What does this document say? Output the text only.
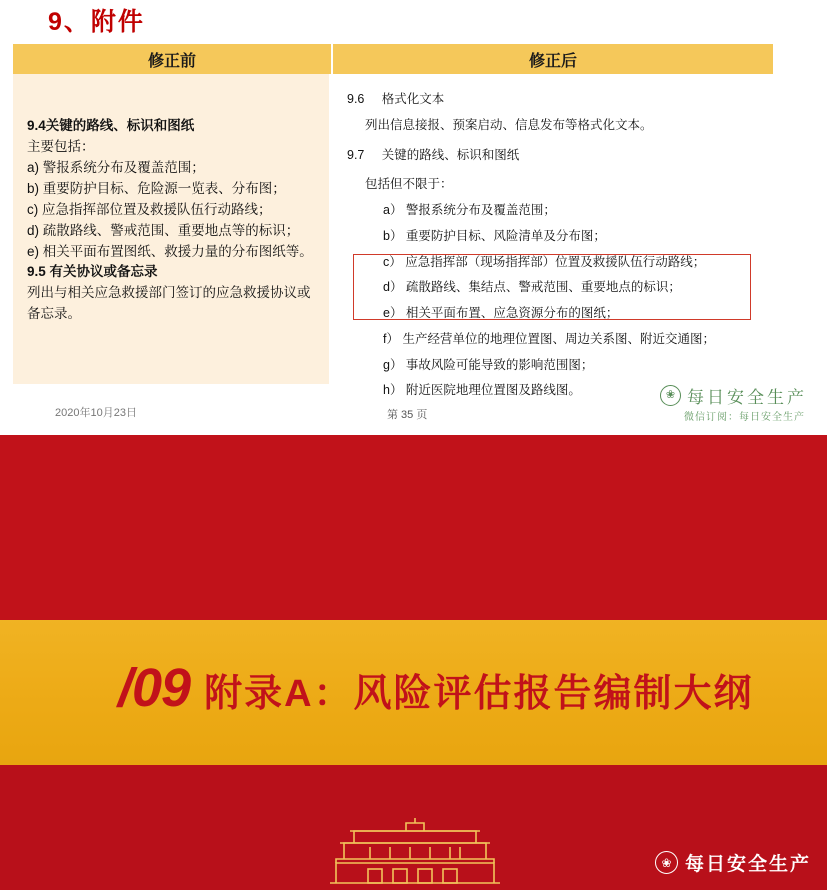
9、附件
修正前	修正后
9.4关键的路线、标识和图纸
主要包括：
a) 警报系统分布及覆盖范围；
b) 重要防护目标、危险源一览表、分布图；
c) 应急指挥部位置及救援队伍行动路线；
d) 疏散路线、警戒范围、重要地点等的标识；
e) 相关平面布置图纸、救援力量的分布图纸等。
9.5 有关协议或备忘录
列出与相关应急救援部门签订的应急救援协议或备忘录。
9.6 格式化文本
列出信息接报、预案启动、信息发布等格式化文本。
9.7 关键的路线、标识和图纸
包括但不限于：
a） 警报系统分布及覆盖范围；
b） 重要防护目标、风险清单及分布图；
c） 应急指挥部（现场指挥部）位置及救援队伍行动路线；
d） 疏散路线、集结点、警戒范围、重要地点的标识；
e） 相关平面布置、应急资源分布的图纸；
f） 生产经营单位的地理位置图、周边关系图、附近交通图；
g） 事故风险可能导致的影响范围图；
h） 附近医院地理位置图及路线图。
2020年10月23日	第 35 页
❀ 每日安全生产
微信订阅：每日安全生产
/09 附录A：风险评估报告编制大纲
❀ 每日安全生产
